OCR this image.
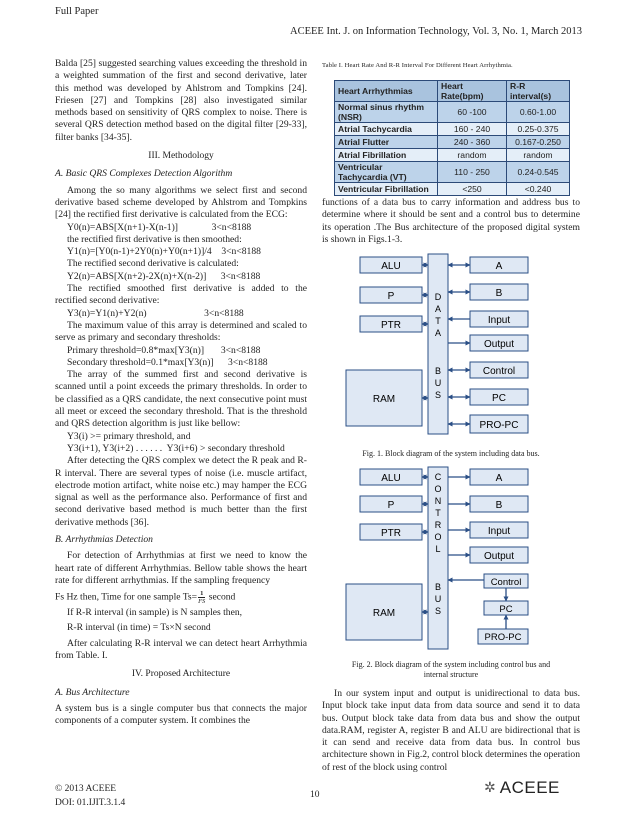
Full Paper
ACEEE Int. J. on Information Technology, Vol. 3, No. 1, March 2013

Balda [25] suggested searching values exceeding the threshold in a weighted summation of the first and second derivative, later this method was developed by Ahlstrom and Tompkins [24]. Friesen [27] and Tompkins [28] also investigated similar methods based on sensitivity of QRS complex to noise. There is several QRS detection method based on the digital filter [29-33], filter banks [34-35].

III. Methodology

A. Basic QRS Complexes Detection Algorithm

Among the so many algorithms we select first and second derivative based scheme developed by Ahlstrom and Tompkins [24] the rectified first derivative is calculated from the ECG:

Y0(n)=ABS[X(n+1)-X(n-1)]              3<n<8188

the rectified first derivative is then smoothed:

Y1(n)=[Y0(n-1)+2Y0(n)+Y0(n+1)]/4    3<n<8188

The rectified second derivative is calculated:

Y2(n)=ABS[X(n+2)-2X(n)+X(n-2)]      3<n<8188

The rectified smoothed first derivative is added to the rectified second derivative:

Y3(n)=Y1(n)+Y2(n)                        3<n<8188

The maximum value of this array is determined and scaled to serve as primary and secondary thresholds:

Primary threshold=0.8*max[Y3(n)]       3<n<8188

Secondary threshold=0.1*max[Y3(n)]      3<n<8188

The array of the summed first and second derivative is scanned until a point exceeds the primary thresholds. In order to be classified as a QRS candidate, the next consecutive point must all meet or exceed the secondary threshold. That is the threshold and QRS detection algorithm is just like bellow:

Y3(i) >= primary threshold, and

Y3(i+1), Y3(i+2) . . . . . .  Y3(i+6) > secondary threshold

After detecting the QRS complex we detect the R peak and R-R interval. There are several types of noise (i.e. muscle artifact, electrode motion artifact, white noise etc.) may hamper the ECG signal as well as the performance also. Performance of first and second derivative based method is much better than the first derivative methods [36].

B. Arrhythmias Detection

For detection of Arrhythmias at first we need to know the heart rate of different Arrhythmias. Bellow table shows the heart rate for different arrhythmias. If the sampling frequency

Fs Hz then, Time for one sample $Ts= \frac{1}{FS}$ second

If R-R interval (in sample) is N samples then,

R-R interval (in time) = Ts×N second

After calculating R-R interval we can detect heart Arrhythmia from Table. I.

IV. Proposed Architecture

A. Bus Architecture

A system bus is a single computer bus that connects the major components of a computer system. It combines the

Table I. Heart Rate And R-R Interval For Different Heart Arrhythmia.
Heart Arrhythmias	Heart Rate(bpm)	R-R interval(s)
Normal sinus rhythm (NSR)	60 -100	0.60-1.00
Atrial Tachycardia	160 - 240	0.25-0.375
Atrial Flutter	240 - 360	0.167-0.250
Atrial Fibrillation	random	random
Ventricular Tachycardia (VT)	110 - 250	0.24-0.545
Ventricular Fibrillation	<250	<0.240

functions of a data bus to carry information and address bus to determine where it should be sent and a control bus to determine its operation .The Bus architecture of the proposed digital system is shown in Figs.1-3.

ALU
P
PTR
RAM
D
A
T
A
B
U
S
A
B
Input
Output
Control
PC
PRO-PC
Fig. 1. Block diagram of the system including data bus.
ALU
P
PTR
RAM
C
O
N
T
R
O
L
B
U
S
A
B
Input
Output
Control
PC
PRO-PC
Fig. 2. Block diagram of the system including control bus and
internal structure

In our system input and output is unidirectional to data bus. Input block take input data from data source and send it to data bus. Output block take data from data bus and show the output data.RAM, register A, register B and ALU are bidirectional that is it can send and receive data from data bus. In control bus architecture shown in Fig.2, control block determines the operation of rest of the block using control

© 2013 ACEEE
DOI: 01.IJIT.3.1.4
10	✲ ACEEE
